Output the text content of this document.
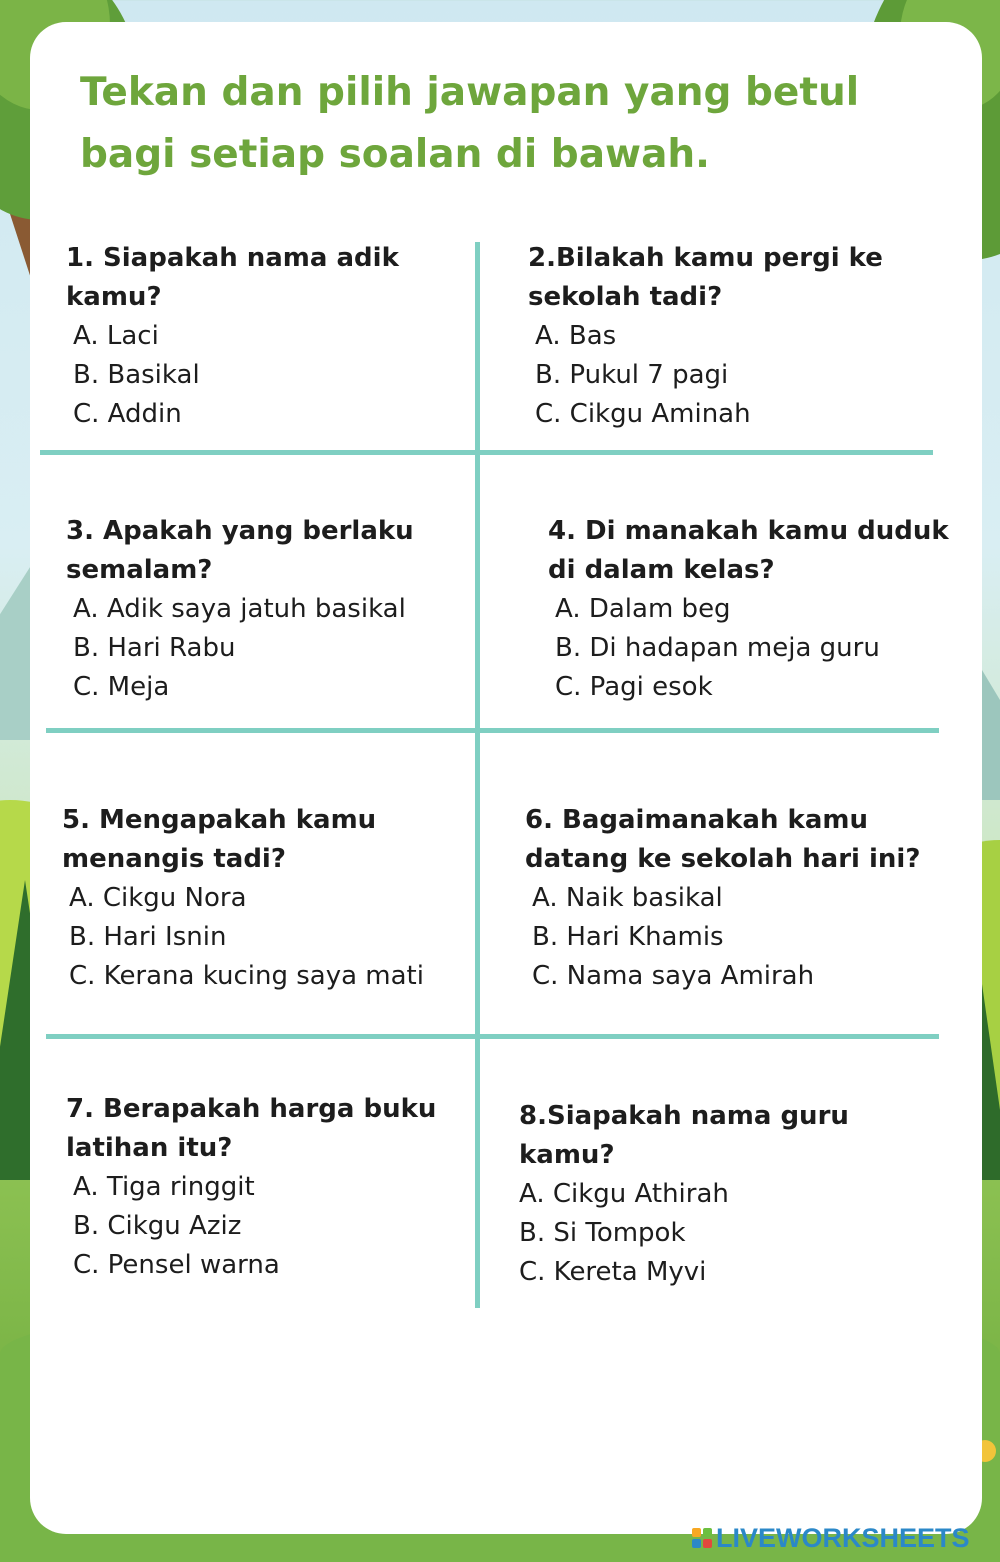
Tekan dan pilih jawapan yang betul bagi setiap soalan di bawah.
1. Siapakah nama adik kamu?
A. Laci
B. Basikal
C. Addin
2.Bilakah kamu pergi ke sekolah tadi?
A. Bas
B. Pukul 7 pagi
C. Cikgu Aminah
3. Apakah yang berlaku semalam?
A. Adik saya jatuh basikal
B. Hari Rabu
C. Meja
4. Di manakah kamu duduk di dalam kelas?
A. Dalam beg
B. Di hadapan meja guru
C. Pagi esok
5. Mengapakah kamu menangis tadi?
A. Cikgu Nora
B. Hari Isnin
C. Kerana kucing saya mati
6. Bagaimanakah kamu datang ke sekolah hari ini?
A. Naik basikal
B. Hari Khamis
C. Nama saya Amirah
7. Berapakah harga buku latihan itu?
A. Tiga ringgit
B. Cikgu Aziz
C. Pensel warna
8.Siapakah nama guru kamu?
A. Cikgu Athirah
B. Si Tompok
C. Kereta Myvi
LIVEWORKSHEETS
